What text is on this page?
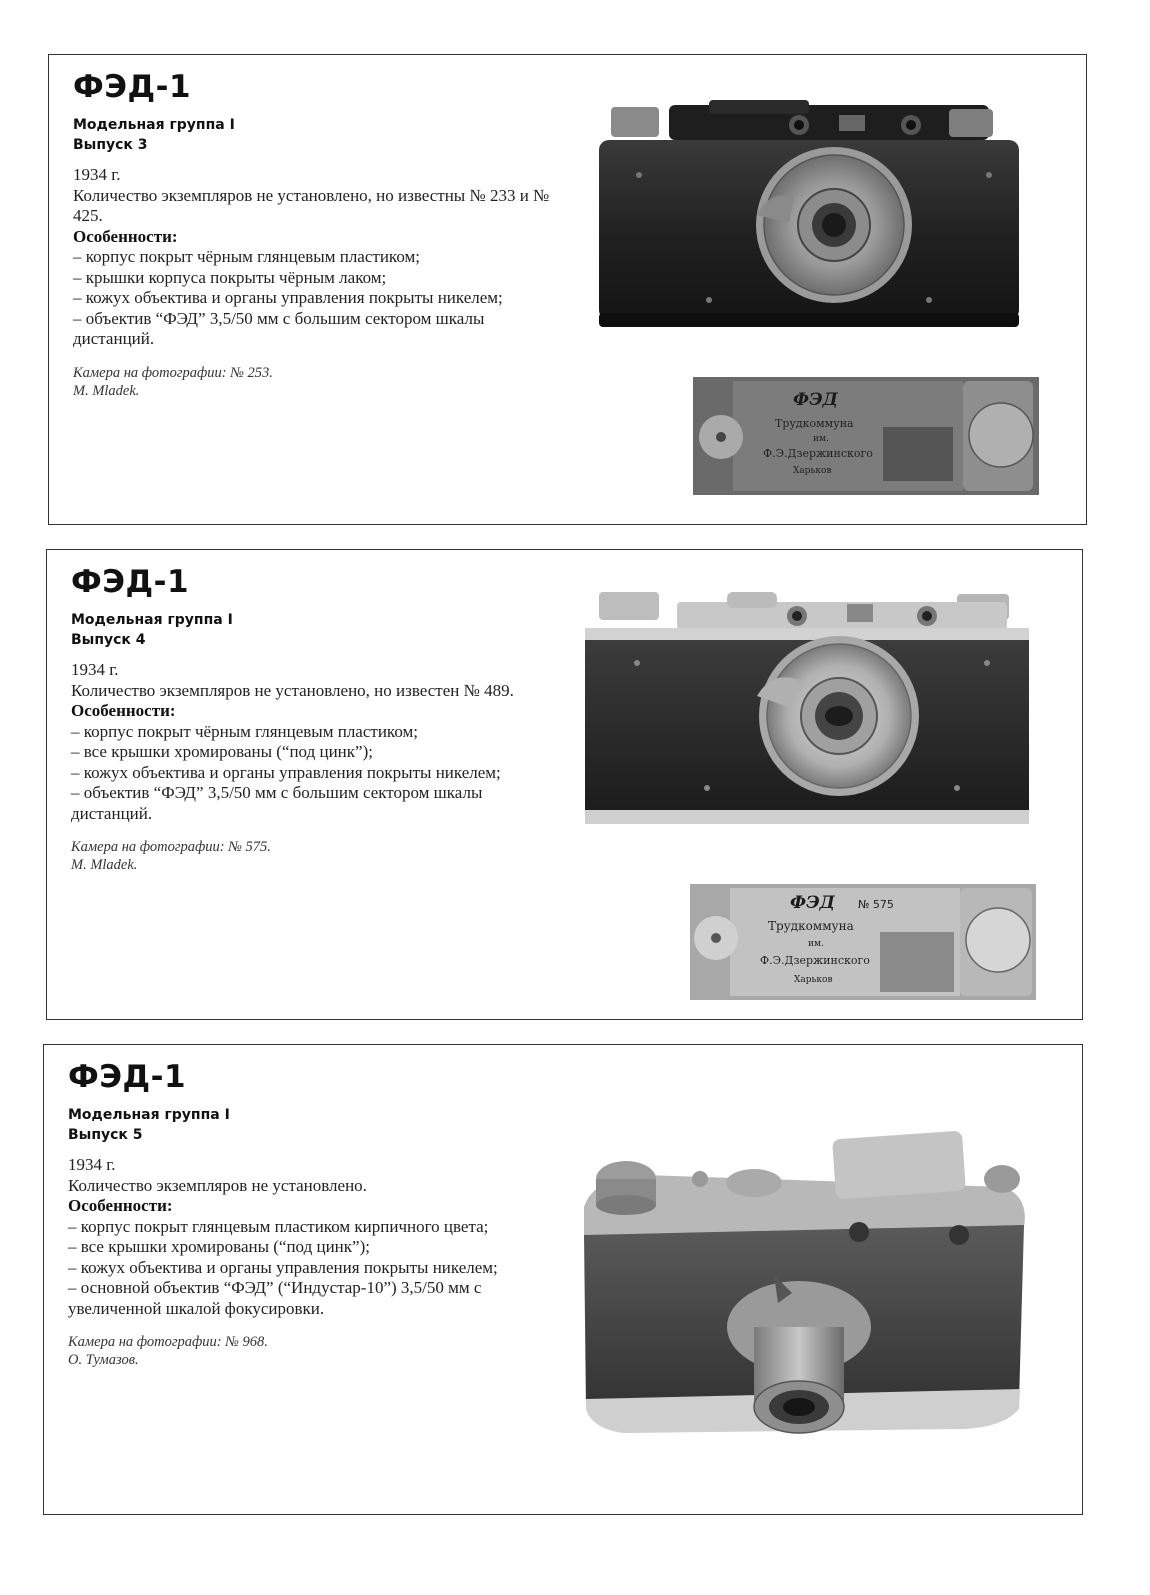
ФЭД-1
Модельная группа I
Выпуск 3

1934 г.

Количество экземпляров не установлено, но известны № 233 и № 425.

Особенности:

– корпус покрыт чёрным глянцевым пластиком;
– крышки корпуса покрыты чёрным лаком;
– кожух объектива и органы управления покрыты никелем;
– объектив “ФЭД” 3,5/50 мм с большим сектором шкалы дистанций.
Камера на фотографии: № 253.
M. Mladek.	ФЭД
Трудкоммуна
им.
Ф.Э.Дзержинского
Харьков
ФЭД-1
Модельная группа I
Выпуск 4

1934 г.

Количество экземпляров не установлено, но известен № 489.

Особенности:

– корпус покрыт чёрным глянцевым пластиком;
– все крышки хромированы (“под цинк”);
– кожух объектива и органы управления покрыты никелем;
– объектив “ФЭД” 3,5/50 мм с большим сектором шкалы дистанций.
Камера на фотографии: № 575.
M. Mladek.
ФЭД № 575
Трудкоммуна
им.
Ф.Э.Дзержинского
Харьков
ФЭД-1
Модельная группа I
Выпуск 5

1934 г.

Количество экземпляров не установлено.

Особенности:

– корпус покрыт глянцевым пластиком кирпичного цвета;
– все крышки хромированы (“под цинк”);
– кожух объектива и органы управления покрыты никелем;
– основной объектив “ФЭД” (“Индустар-10”) 3,5/50 мм с увеличенной шкалой фокусировки.
Камера на фотографии: № 968.
О. Тумазов.
